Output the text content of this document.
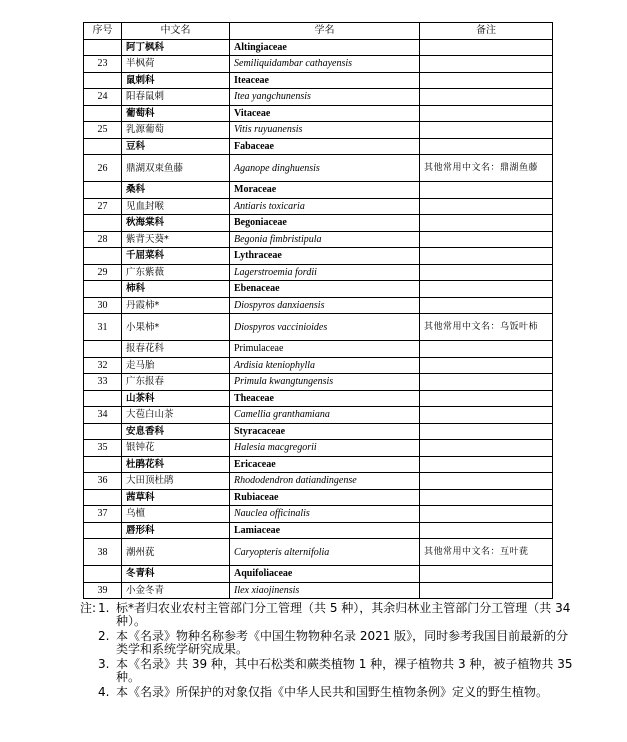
序号	中文名	学名	备注
	阿丁枫科	Altingiaceae	
23	半枫荷	Semiliquidambar cathayensis	
	鼠刺科	Iteaceae	
24	阳春鼠刺	Itea yangchunensis	
	葡萄科	Vitaceae	
25	乳源葡萄	Vitis ruyuanensis	
	豆科	Fabaceae	
26	鼎湖双束鱼藤	Aganope dinghuensis	其他常用中文名：鼎湖鱼藤
	桑科	Moraceae	
27	见血封喉	Antiaris toxicaria	
	秋海棠科	Begoniaceae	
28	紫背天葵*	Begonia fimbristipula	
	千屈菜科	Lythraceae	
29	广东紫薇	Lagerstroemia fordii	
	柿科	Ebenaceae	
30	丹霞柿*	Diospyros danxiaensis	
31	小果柿*	Diospyros vaccinioides	其他常用中文名：乌饭叶柿
	报春花科	Primulaceae	
32	走马胎	Ardisia kteniophylla	
33	广东报春	Primula kwangtungensis	
	山茶科	Theaceae	
34	大苞白山茶	Camellia granthamiana	
	安息香科	Styracaceae	
35	银钟花	Halesia macgregorii	
	杜鹃花科	Ericaceae	
36	大田顶杜鹃	Rhododendron datiandingense	
	茜草科	Rubiaceae	
37	乌檀	Nauclea officinalis	
	唇形科	Lamiaceae	
38	潮州莸	Caryopteris alternifolia	其他常用中文名：互叶莸
	冬青科	Aquifoliaceae	
39	小金冬青	Ilex xiaojinensis	
注: 1. 标*者归农业农村主管部门分工管理（共 5 种），其余归林业主管部门分工管理（共 34 种）。
2. 本《名录》物种名称参考《中国生物物种名录 2021 版》，同时参考我国目前最新的分类学和系统学研究成果。
3. 本《名录》共 39 种，其中石松类和蕨类植物 1 种，裸子植物共 3 种，被子植物共 35 种。
4. 本《名录》所保护的对象仅指《中华人民共和国野生植物条例》定义的野生植物。
